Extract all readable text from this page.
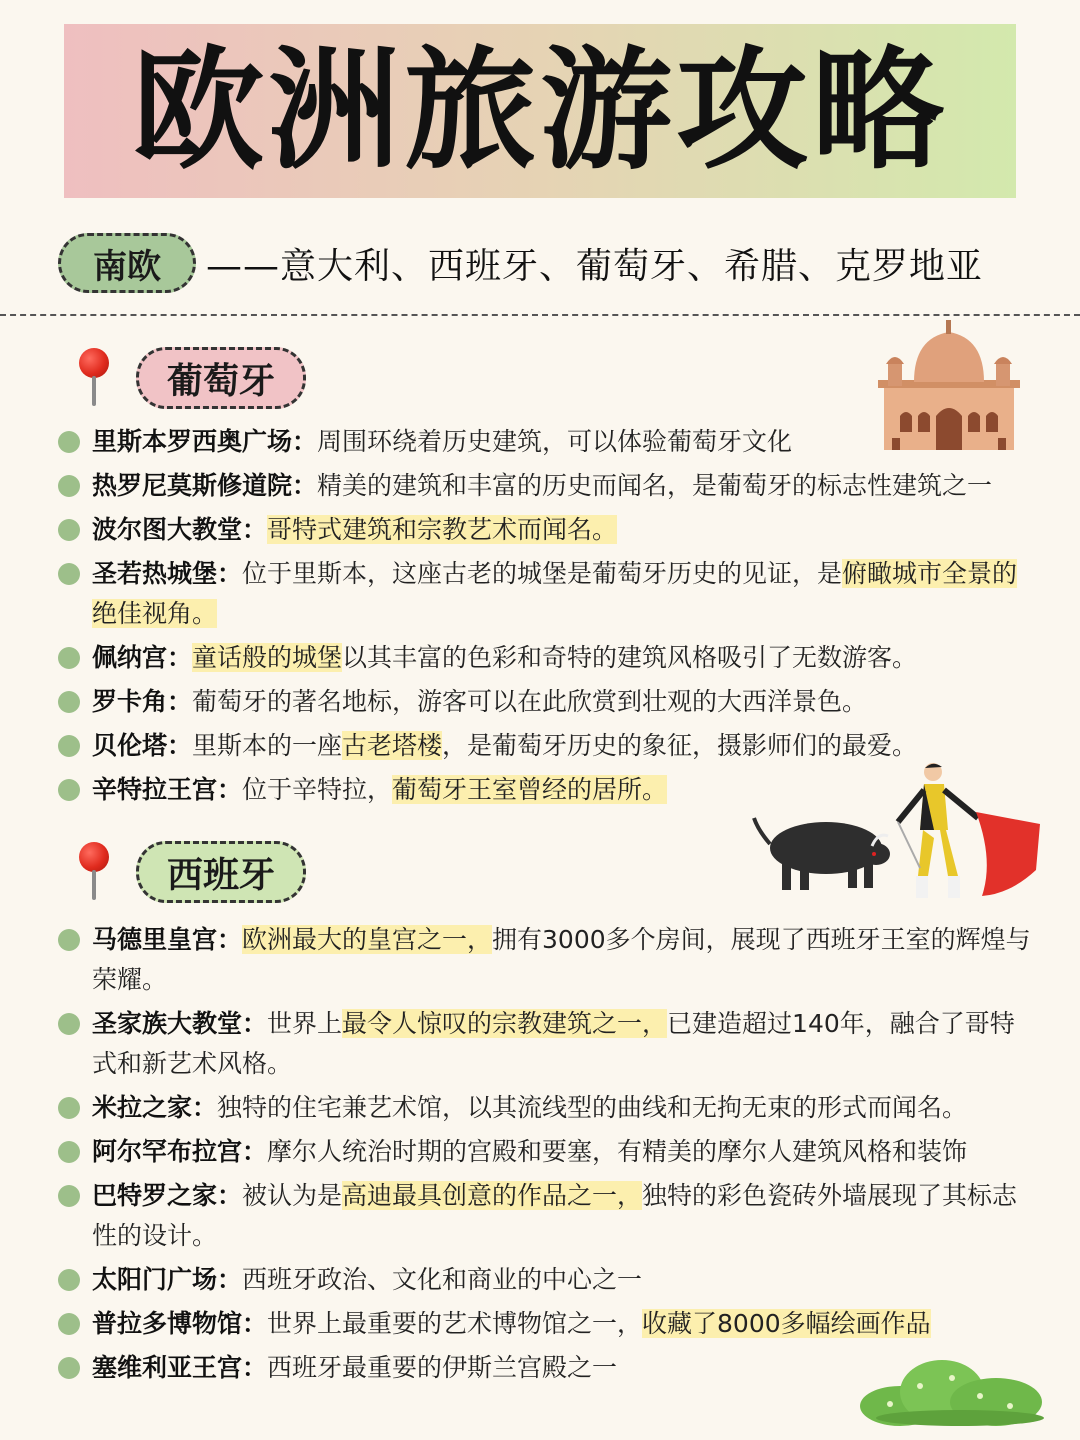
欧洲旅游攻略
南欧	——意大利、西班牙、葡萄牙、希腊、克罗地亚
葡萄牙
里斯本罗西奥广场：周围环绕着历史建筑，可以体验葡萄牙文化
热罗尼莫斯修道院：精美的建筑和丰富的历史而闻名，是葡萄牙的标志性建筑之一
波尔图大教堂：哥特式建筑和宗教艺术而闻名。
圣若热城堡：位于里斯本，这座古老的城堡是葡萄牙历史的见证，是俯瞰城市全景的绝佳视角。
佩纳宫：童话般的城堡以其丰富的色彩和奇特的建筑风格吸引了无数游客。
罗卡角：葡萄牙的著名地标，游客可以在此欣赏到壮观的大西洋景色。
贝伦塔：里斯本的一座古老塔楼，是葡萄牙历史的象征，摄影师们的最爱。
辛特拉王宫：位于辛特拉，葡萄牙王室曾经的居所。
西班牙
马德里皇宫：欧洲最大的皇宫之一，拥有3000多个房间，展现了西班牙王室的辉煌与荣耀。
圣家族大教堂：世界上最令人惊叹的宗教建筑之一，已建造超过140年，融合了哥特式和新艺术风格。
米拉之家：独特的住宅兼艺术馆，以其流线型的曲线和无拘无束的形式而闻名。
阿尔罕布拉宫：摩尔人统治时期的宫殿和要塞，有精美的摩尔人建筑风格和装饰
巴特罗之家：被认为是高迪最具创意的作品之一，独特的彩色瓷砖外墙展现了其标志性的设计。
太阳门广场：西班牙政治、文化和商业的中心之一
普拉多博物馆：世界上最重要的艺术博物馆之一，收藏了8000多幅绘画作品
塞维利亚王宫：西班牙最重要的伊斯兰宫殿之一
